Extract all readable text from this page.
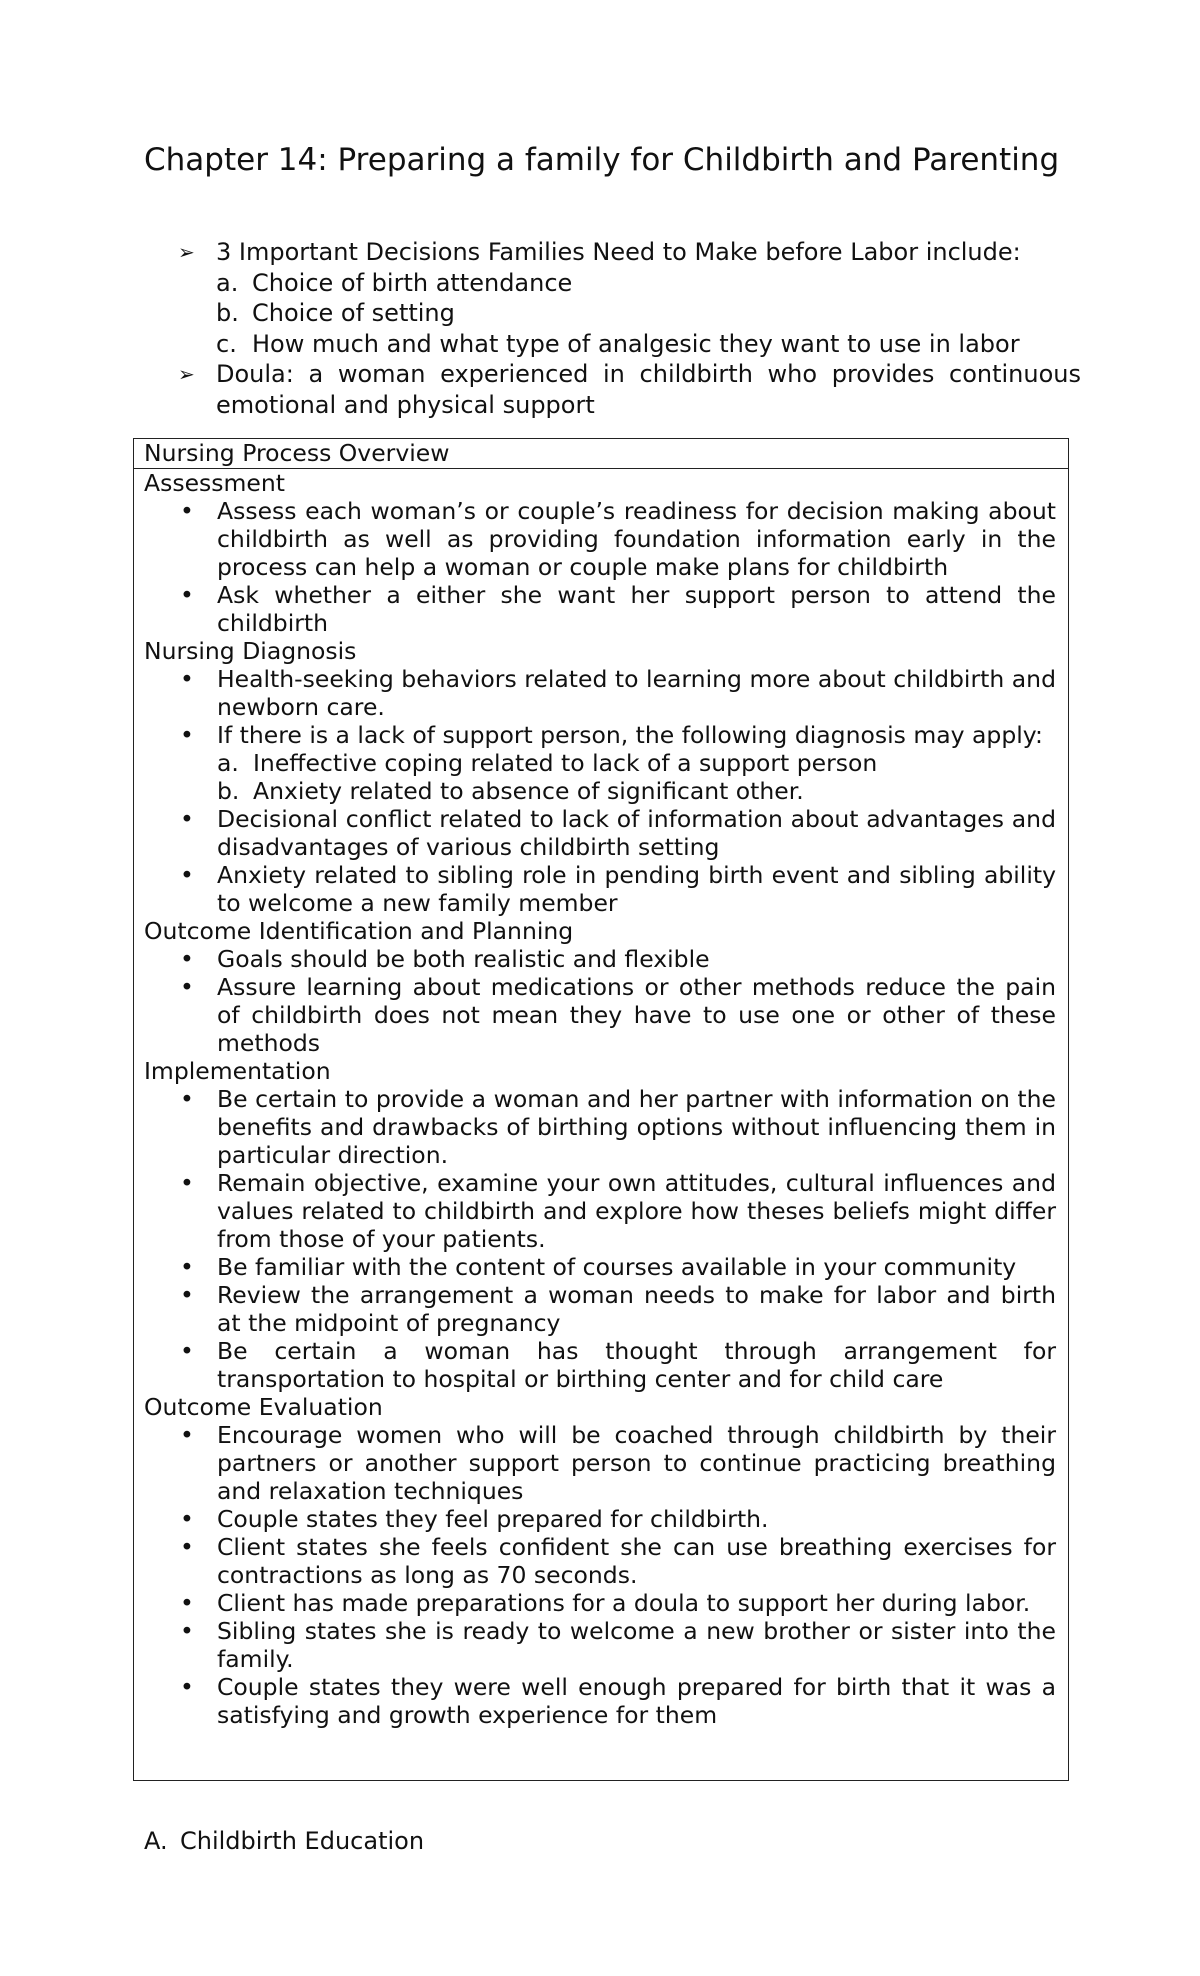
Chapter 14: Preparing a family for Childbirth and Parenting
➢ 3 Important Decisions Families Need to Make before Labor include:
a. Choice of birth attendance
b. Choice of setting
c. How much and what type of analgesic they want to use in labor
➢ Doula: a woman experienced in childbirth who provides continuous emotional and physical support
Nursing Process Overview
Assessment
• Assess each woman’s or couple’s readiness for decision making about childbirth as well as providing foundation information early in the process can help a woman or couple make plans for childbirth
• Ask whether a either she want her support person to attend the childbirth
Nursing Diagnosis
• Health-seeking behaviors related to learning more about childbirth and newborn care.
• If there is a lack of support person, the following diagnosis may apply:
a. Ineffective coping related to lack of a support person
b. Anxiety related to absence of significant other.
• Decisional conflict related to lack of information about advantages and disadvantages of various childbirth setting
• Anxiety related to sibling role in pending birth event and sibling ability to welcome a new family member
Outcome Identification and Planning
• Goals should be both realistic and flexible
• Assure learning about medications or other methods reduce the pain of childbirth does not mean they have to use one or other of these methods
Implementation
• Be certain to provide a woman and her partner with information on the benefits and drawbacks of birthing options without influencing them in particular direction.
• Remain objective, examine your own attitudes, cultural influences and values related to childbirth and explore how theses beliefs might differ from those of your patients.
• Be familiar with the content of courses available in your community
• Review the arrangement a woman needs to make for labor and birth at the midpoint of pregnancy
• Be certain a woman has thought through arrangement for transportation to hospital or birthing center and for child care
Outcome Evaluation
• Encourage women who will be coached through childbirth by their partners or another support person to continue practicing breathing and relaxation techniques
• Couple states they feel prepared for childbirth.
• Client states she feels confident she can use breathing exercises for contractions as long as 70 seconds.
• Client has made preparations for a doula to support her during labor.
• Sibling states she is ready to welcome a new brother or sister into the family.
• Couple states they were well enough prepared for birth that it was a satisfying and growth experience for them
A. Childbirth Education
